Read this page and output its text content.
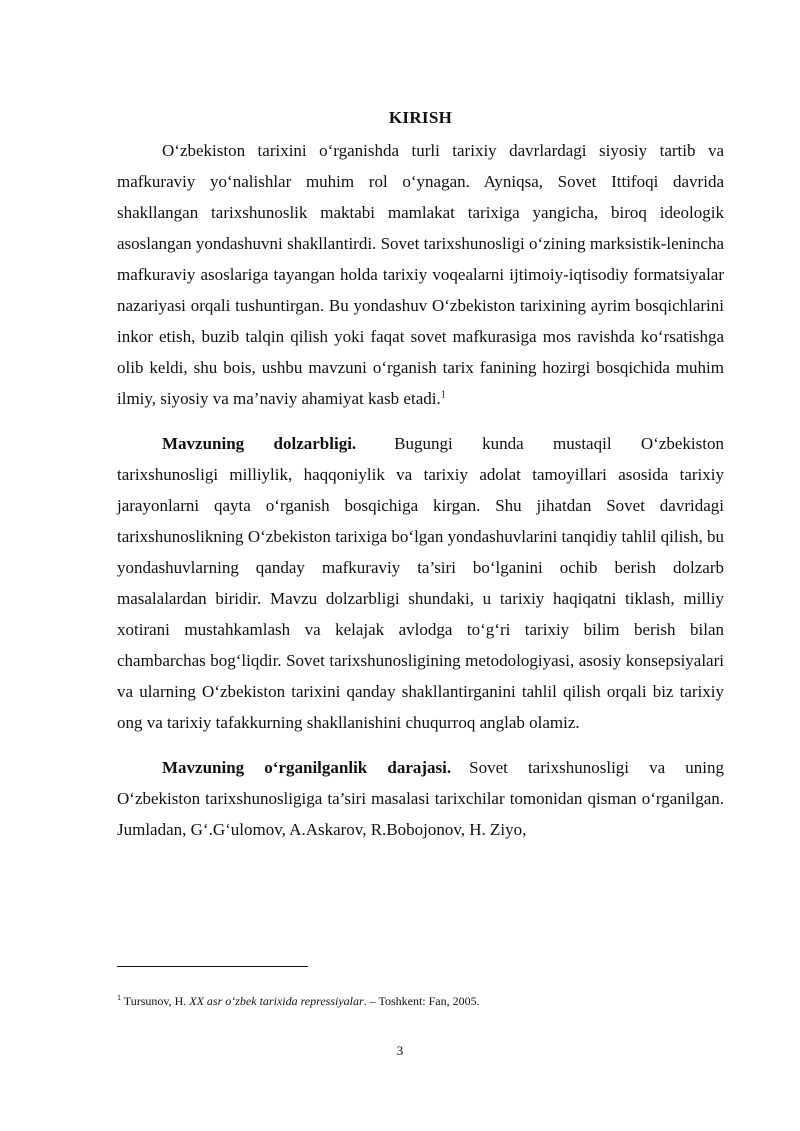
KIRISH

O‘zbekiston tarixini o‘rganishda turli tarixiy davrlardagi siyosiy tartib va mafkuraviy yo‘nalishlar muhim rol o‘ynagan. Ayniqsa, Sovet Ittifoqi davrida shakllangan tarixshunoslik maktabi mamlakat tarixiga yangicha, biroq ideologik asoslangan yondashuvni shakllantirdi. Sovet tarixshunosligi o‘zining marksistik-lenincha mafkuraviy asoslariga tayangan holda tarixiy voqealarni ijtimoiy-iqtisodiy formatsiyalar nazariyasi orqali tushuntirgan. Bu yondashuv O‘zbekiston tarixining ayrim bosqichlarini inkor etish, buzib talqin qilish yoki faqat sovet mafkurasiga mos ravishda ko‘rsatishga olib keldi, shu bois, ushbu mavzuni o‘rganish tarix fanining hozirgi bosqichida muhim ilmiy, siyosiy va ma’naviy ahamiyat kasb etadi.$^1$

Mavzuning dolzarbligi. Bugungi kunda mustaqil O‘zbekiston tarixshunosligi milliylik, haqqoniylik va tarixiy adolat tamoyillari asosida tarixiy jarayonlarni qayta o‘rganish bosqichiga kirgan. Shu jihatdan Sovet davridagi tarixshunoslikning O‘zbekiston tarixiga bo‘lgan yondashuvlarini tanqidiy tahlil qilish, bu yondashuvlarning qanday mafkuraviy ta’siri bo‘lganini ochib berish dolzarb masalalardan biridir. Mavzu dolzarbligi shundaki, u tarixiy haqiqatni tiklash, milliy xotirani mustahkamlash va kelajak avlodga to‘g‘ri tarixiy bilim berish bilan chambarchas bog‘liqdir. Sovet tarixshunosligining metodologiyasi, asosiy konsepsiyalari va ularning O‘zbekiston tarixini qanday shakllantirganini tahlil qilish orqali biz tarixiy ong va tarixiy tafakkurning shakllanishini chuqurroq anglab olamiz.

Mavzuning o‘rganilganlik darajasi. Sovet tarixshunosligi va uning O‘zbekiston tarixshunosligiga ta’siri masalasi tarixchilar tomonidan qisman o‘rganilgan. Jumladan, G‘.G‘ulomov, A.Askarov, R.Bobojonov, H. Ziyo,

$^1$ Tursunov, H. XX asr o‘zbek tarixida repressiyalar. – Toshkent: Fan, 2005.
3
